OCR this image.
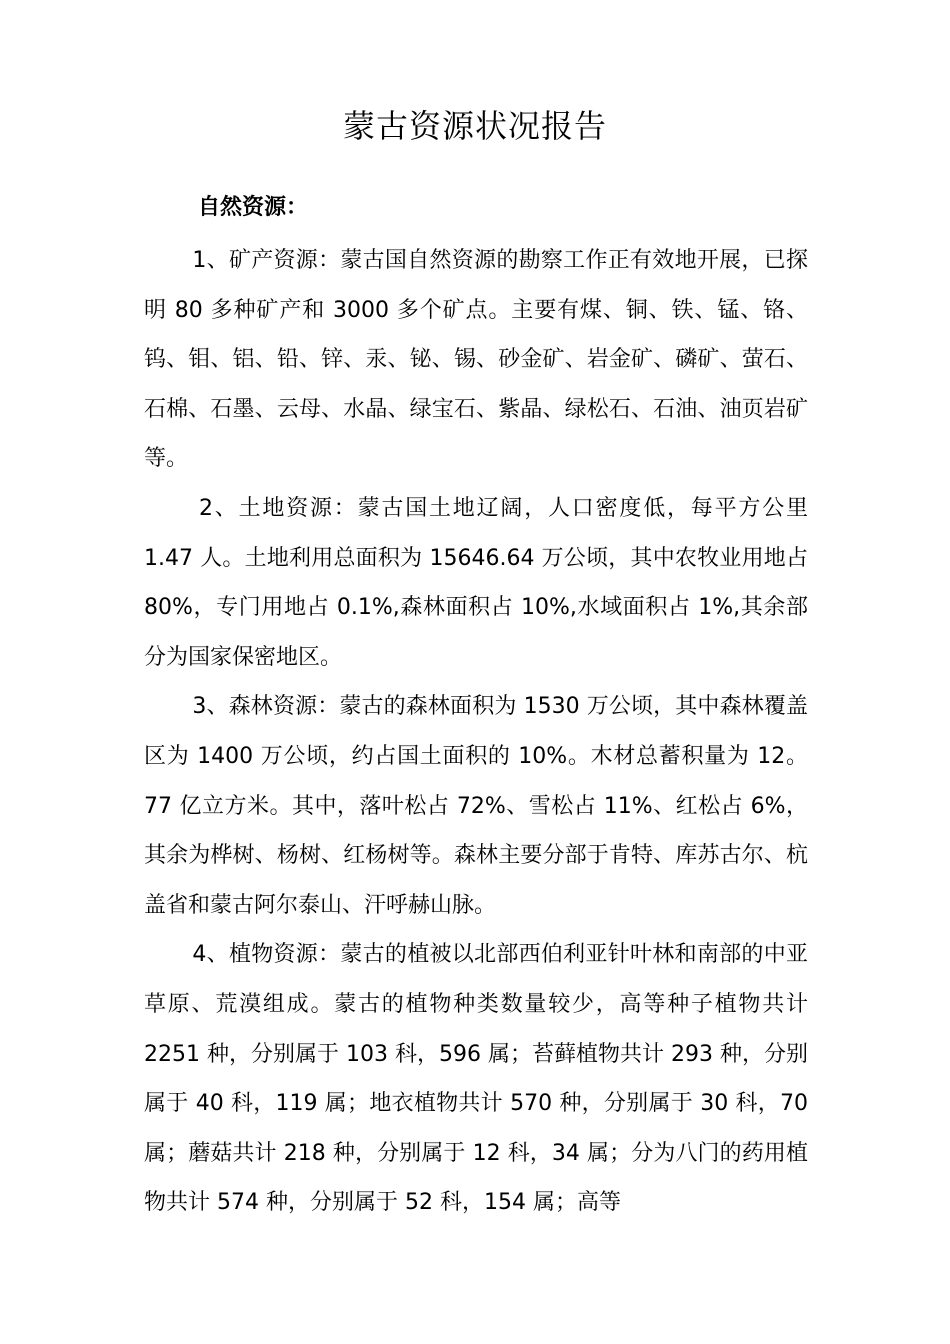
蒙古资源状况报告
自然资源：

1、矿产资源：蒙古国自然资源的勘察工作正有效地开展，已探明 80 多种矿产和 3000 多个矿点。主要有煤、铜、铁、锰、铬、钨、钼、铝、铅、锌、汞、铋、锡、砂金矿、岩金矿、磷矿、萤石、石棉、石墨、云母、水晶、绿宝石、紫晶、绿松石、石油、油页岩矿等。

2、土地资源：蒙古国土地辽阔，人口密度低，每平方公里 1.47 人。土地利用总面积为 15646.64 万公顷，其中农牧业用地占 80%，专门用地占 0.1%,森林面积占 10%,水域面积占 1%,其余部分为国家保密地区。

3、森林资源：蒙古的森林面积为 1530 万公顷，其中森林覆盖区为 1400 万公顷，约占国土面积的 10%。木材总蓄积量为 12。77 亿立方米。其中，落叶松占 72%、雪松占 11%、红松占 6%，其余为桦树、杨树、红杨树等。森林主要分部于肯特、库苏古尔、杭盖省和蒙古阿尔泰山、汗呼赫山脉。

4、植物资源：蒙古的植被以北部西伯利亚针叶林和南部的中亚草原、荒漠组成。蒙古的植物种类数量较少，高等种子植物共计 2251 种，分别属于 103 科，596 属；苔藓植物共计 293 种，分别属于 40 科，119 属；地衣植物共计 570 种，分别属于 30 科，70 属；蘑菇共计 218 种，分别属于 12 科，34 属；分为八门的药用植物共计 574 种，分别属于 52 科，154 属；高等
